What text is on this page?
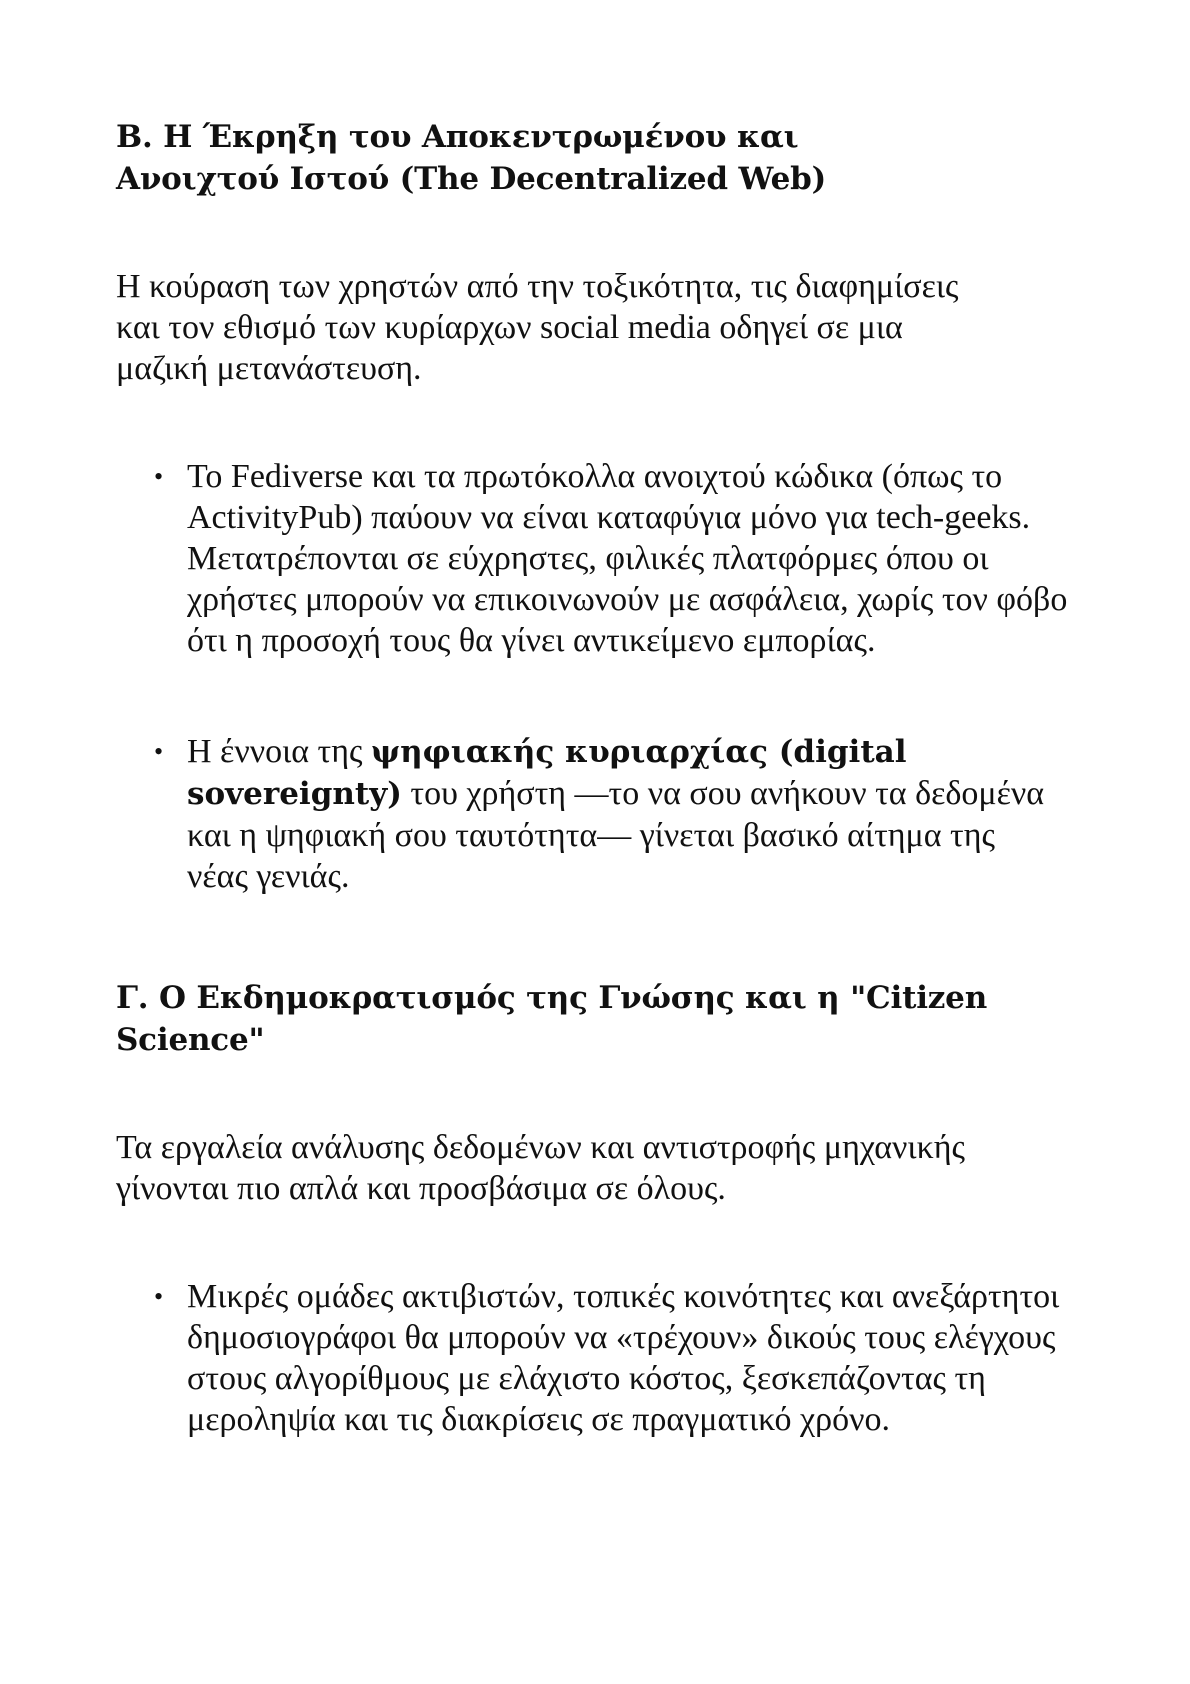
B. Η Έκρηξη του Αποκεντρωμένου και Ανοιχτού Ιστού (The Decentralized Web)

Η κούραση των χρηστών από την τοξικότητα, τις διαφημίσεις και τον εθισμό των κυρίαρχων social media οδηγεί σε μια μαζική μετανάστευση.

• Το Fediverse και τα πρωτόκολλα ανοιχτού κώδικα (όπως το ActivityPub) παύουν να είναι καταφύγια μόνο για tech-geeks. Μετατρέπονται σε εύχρηστες, φιλικές πλατφόρμες όπου οι χρήστες μπορούν να επικοινωνούν με ασφάλεια, χωρίς τον φόβο ότι η προσοχή τους θα γίνει αντικείμενο εμπορίας.
• Η έννοια της ψηφιακής κυριαρχίας (digital sovereignty) του χρήστη —το να σου ανήκουν τα δεδομένα και η ψηφιακή σου ταυτότητα— γίνεται βασικό αίτημα της νέας γενιάς.
Γ. Ο Εκδημοκρατισμός της Γνώσης και η "Citizen Science"

Τα εργαλεία ανάλυσης δεδομένων και αντιστροφής μηχανικής γίνονται πιο απλά και προσβάσιμα σε όλους.

• Μικρές ομάδες ακτιβιστών, τοπικές κοινότητες και ανεξάρτητοι δημοσιογράφοι θα μπορούν να «τρέχουν» δικούς τους ελέγχους στους αλγορίθμους με ελάχιστο κόστος, ξεσκεπάζοντας τη μεροληψία και τις διακρίσεις σε πραγματικό χρόνο.
